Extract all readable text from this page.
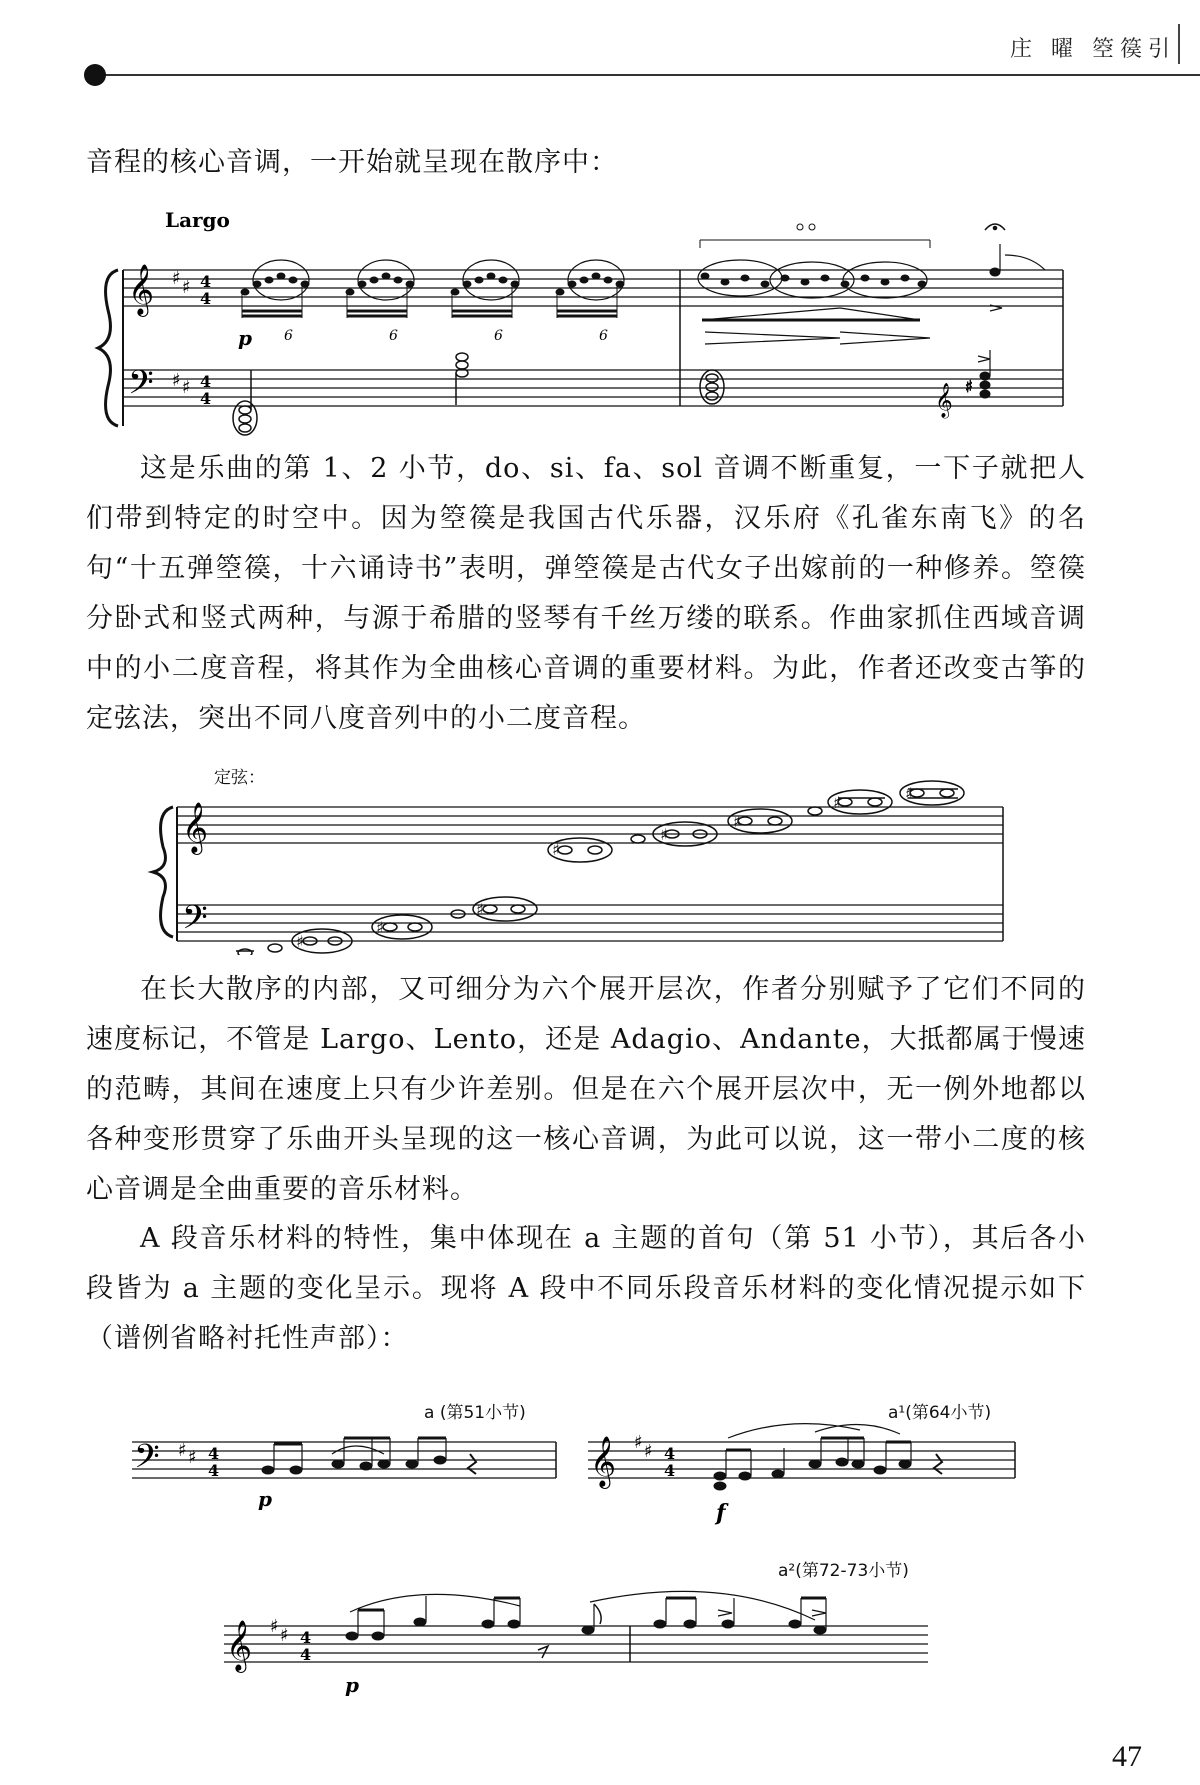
庄 曜 箜篌引

音程的核心音调，一开始就呈现在散序中：

Largo
𝄞
𝄢
♯ ♯
♯ ♯
4
4
4
4
6	6	6	6
p
𝄞 ♯

这是乐曲的第 1、2 小节，do、si、fa、sol 音调不断重复，一下子就把人们带到特定的时空中。因为箜篌是我国古代乐器，汉乐府《孔雀东南飞》的名句“十五弹箜篌，十六诵诗书”表明，弹箜篌是古代女子出嫁前的一种修养。箜篌分卧式和竖式两种，与源于希腊的竖琴有千丝万缕的联系。作曲家抓住西域音调中的小二度音程，将其作为全曲核心音调的重要材料。为此，作者还改变古筝的定弦法，突出不同八度音列中的小二度音程。

定弦：
𝄞
𝄢	♯
♯
♯
♯
♯
♯
♯	♯

在长大散序的内部，又可细分为六个展开层次，作者分别赋予了它们不同的速度标记，不管是 Largo、Lento，还是 Adagio、Andante，大抵都属于慢速的范畴，其间在速度上只有少许差别。但是在六个展开层次中，无一例外地都以各种变形贯穿了乐曲开头呈现的这一核心音调，为此可以说，这一带小二度的核心音调是全曲重要的音乐材料。

A 段音乐材料的特性，集中体现在 a 主题的首句（第 51 小节），其后各小段皆为 a 主题的变化呈示。现将 A 段中不同乐段音乐材料的变化情况提示如下（谱例省略衬托性声部）：

a (第51小节)	a¹(第64小节)
a²(第72-73小节)
𝄢 ♯ ♯ 4
4
p
𝄞 ♯ ♯ 4
4
f
𝄞 ♯ ♯ 4
4
p
47
